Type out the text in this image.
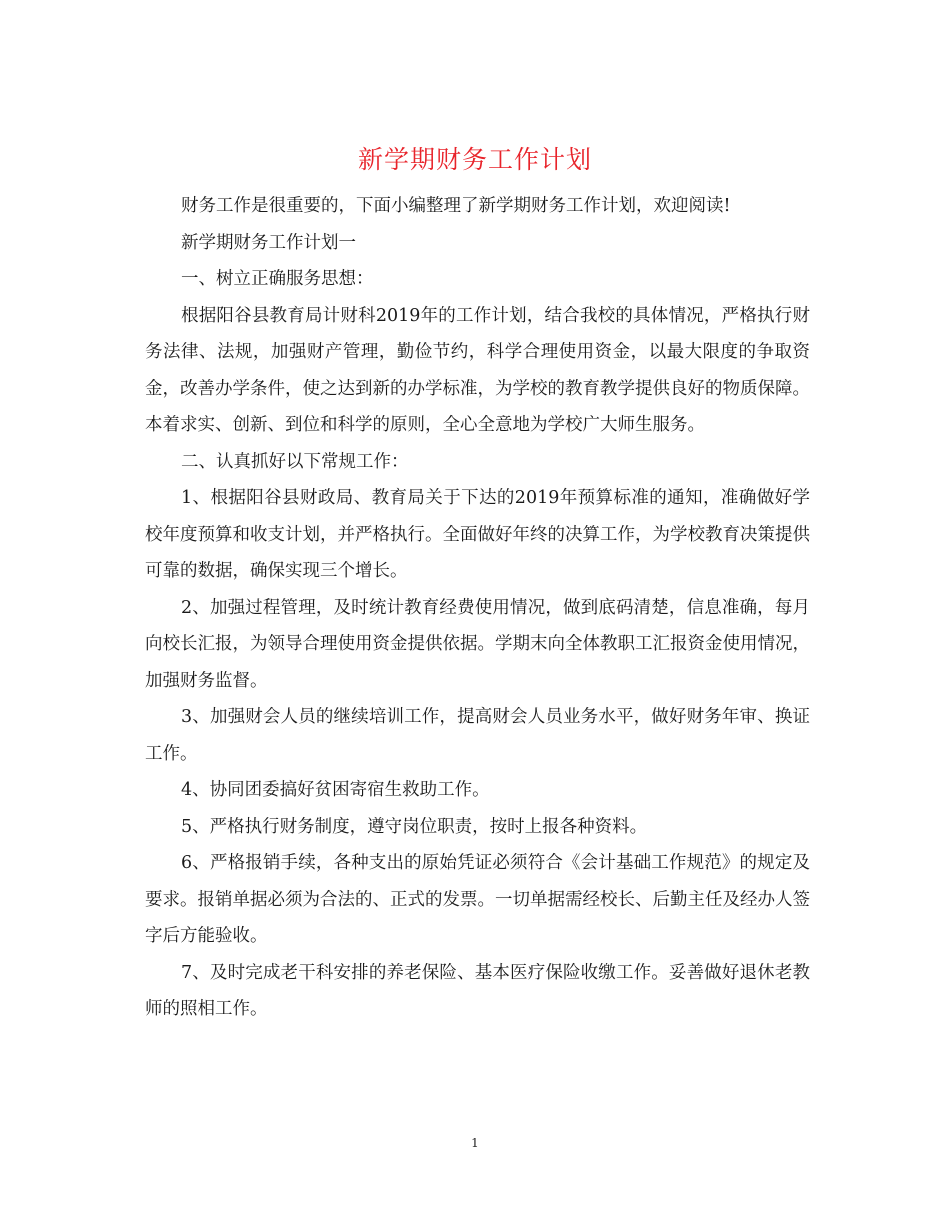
新学期财务工作计划

财务工作是很重要的，下面小编整理了新学期财务工作计划，欢迎阅读!

新学期财务工作计划一

一、树立正确服务思想：

根据阳谷县教育局计财科2019年的工作计划，结合我校的具体情况，严格执行财务法律、法规，加强财产管理，勤俭节约，科学合理使用资金，以最大限度的争取资金，改善办学条件，使之达到新的办学标准，为学校的教育教学提供良好的物质保障。本着求实、创新、到位和科学的原则，全心全意地为学校广大师生服务。

二、认真抓好以下常规工作：

1、根据阳谷县财政局、教育局关于下达的2019年预算标准的通知，准确做好学校年度预算和收支计划，并严格执行。全面做好年终的决算工作，为学校教育决策提供可靠的数据，确保实现三个增长。

2、加强过程管理，及时统计教育经费使用情况，做到底码清楚，信息准确，每月向校长汇报，为领导合理使用资金提供依据。学期末向全体教职工汇报资金使用情况，加强财务监督。

3、加强财会人员的继续培训工作，提高财会人员业务水平，做好财务年审、换证工作。

4、协同团委搞好贫困寄宿生救助工作。

5、严格执行财务制度，遵守岗位职责，按时上报各种资料。

6、严格报销手续，各种支出的原始凭证必须符合《会计基础工作规范》的规定及要求。报销单据必须为合法的、正式的发票。一切单据需经校长、后勤主任及经办人签字后方能验收。

7、及时完成老干科安排的养老保险、基本医疗保险收缴工作。妥善做好退休老教师的照相工作。

1
